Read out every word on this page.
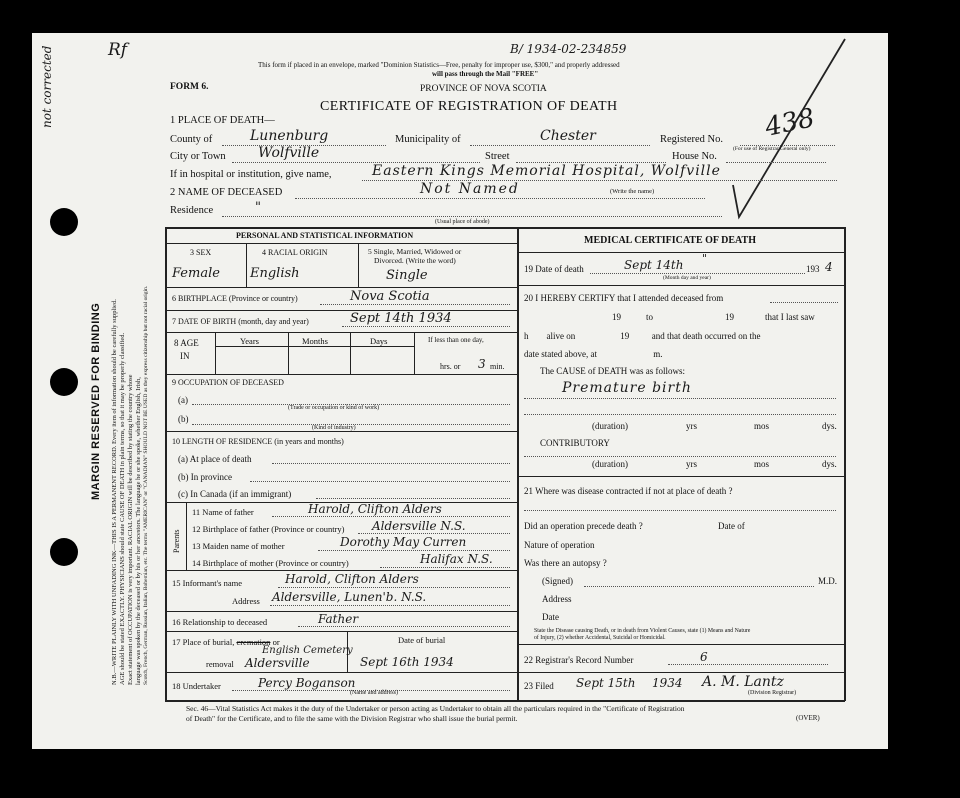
not corrected	Rf
MARGIN RESERVED FOR BINDING N.B.—WRITE PLAINLY WITH UNFADING INK—THIS IS A PERMANENT RECORD. Every item of information should be carefully supplied. AGE should be stated EXACTLY. PHYSICIANS should state CAUSE OF DEATH in plain terms, so that it may be properly classified. Exact statement of OCCUPATION is very important. RACIAL ORIGIN will be described by stating the country whose language was spoken by the deceased or by his or her ancestors. The language he or she spoke, whether English, Irish, Scotch, French, German, Russian, Italian, Bohemian, etc. The terms "AMERICAN" or "CANADIAN" SHOULD NOT BE USED as they express citizenship but not racial origin.
B/ 1934-02-234859
This form if placed in an envelope, marked "Dominion Statistics—Free, penalty for improper use, $300," and properly addressed
will pass through the Mail "FREE"
PROVINCE OF NOVA SCOTIA
FORM 6.
CERTIFICATE OF REGISTRATION OF DEATH	438
1 PLACE OF DEATH—
County of	Lunenburg	Municipality of	Chester	Registered No.
(For use of Registrar General only)
City or Town Wolfville	Street	House No.
If in hospital or institution, give name,	Eastern Kings Memorial Hospital, Wolfville
2 NAME OF DECEASED	Not Named	(Write the name)
Residence	"
(Usual place of abode)
PERSONAL AND STATISTICAL INFORMATION
3 SEX	4 RACIAL ORIGIN	5 Single, Married, Widowed or
Divorced. (Write the word)
Female English	Single
6 BIRTHPLACE (Province or country)	Nova Scotia
7 DATE OF BIRTH (month, day and year)	Sept 14th 1934
8 AGE
IN
Years	Months	Days	If less than one day,
hrs. or 3 min.
9 OCCUPATION OF DECEASED
(a)
(Trade or occupation or kind of work)
(b)
(Kind of industry)
10 LENGTH OF RESIDENCE (in years and months)
(a) At place of death
(b) In province
(c) In Canada (if an immigrant)
Parents
11 Name of father	Harold, Clifton Alders
12 Birthplace of father (Province or country) Aldersville N.S.
13 Maiden name of mother	Dorothy May Curren
14 Birthplace of mother (Province or country)	Halifax N.S.
15 Informant's name	Harold, Clifton Alders
Address Aldersville, Lunen'b. N.S.
16 Relationship to deceased	Father
17 Place of burial, cremation or
removal
English Cemetery
Aldersville
Date of burial
Sept 16th 1934
18 Undertaker	Percy Boganson
(Name and address)
MEDICAL CERTIFICATE OF DEATH
19 Date of death	Sept 14th "
193 4
(Month day and year)
20 I HEREBY CERTIFY that I attended deceased from
19	to	19	that I last saw
h        alive on                    19          and that death occurred on the
date stated above, at                         m.
The CAUSE of DEATH was as follows:
Premature birth
(duration)	yrs	mos	dys.
CONTRIBUTORY
(duration)	yrs	mos	dys.
21 Where was disease contracted if not at place of death ?
Did an operation precede death ?	Date of
Nature of operation
Was there an autopsy ?
(Signed)	M.D.
Address
Date
State the Disease causing Death, or in death from Violent Causes, state (1) Means and Nature
of Injury, (2) whether Accidental, Suicidal or Homicidal.
22 Registrar's Record Number	6
23 Filed Sept 15th 1934 A. M. Lantz
(Division Registrar)
Sec. 46—Vital Statistics Act makes it the duty of the Undertaker or person acting as Undertaker to obtain all the particulars required in the "Certificate of Registration
of Death" for the Certificate, and to file the same with the Division Registrar who shall issue the burial permit.	(OVER)
